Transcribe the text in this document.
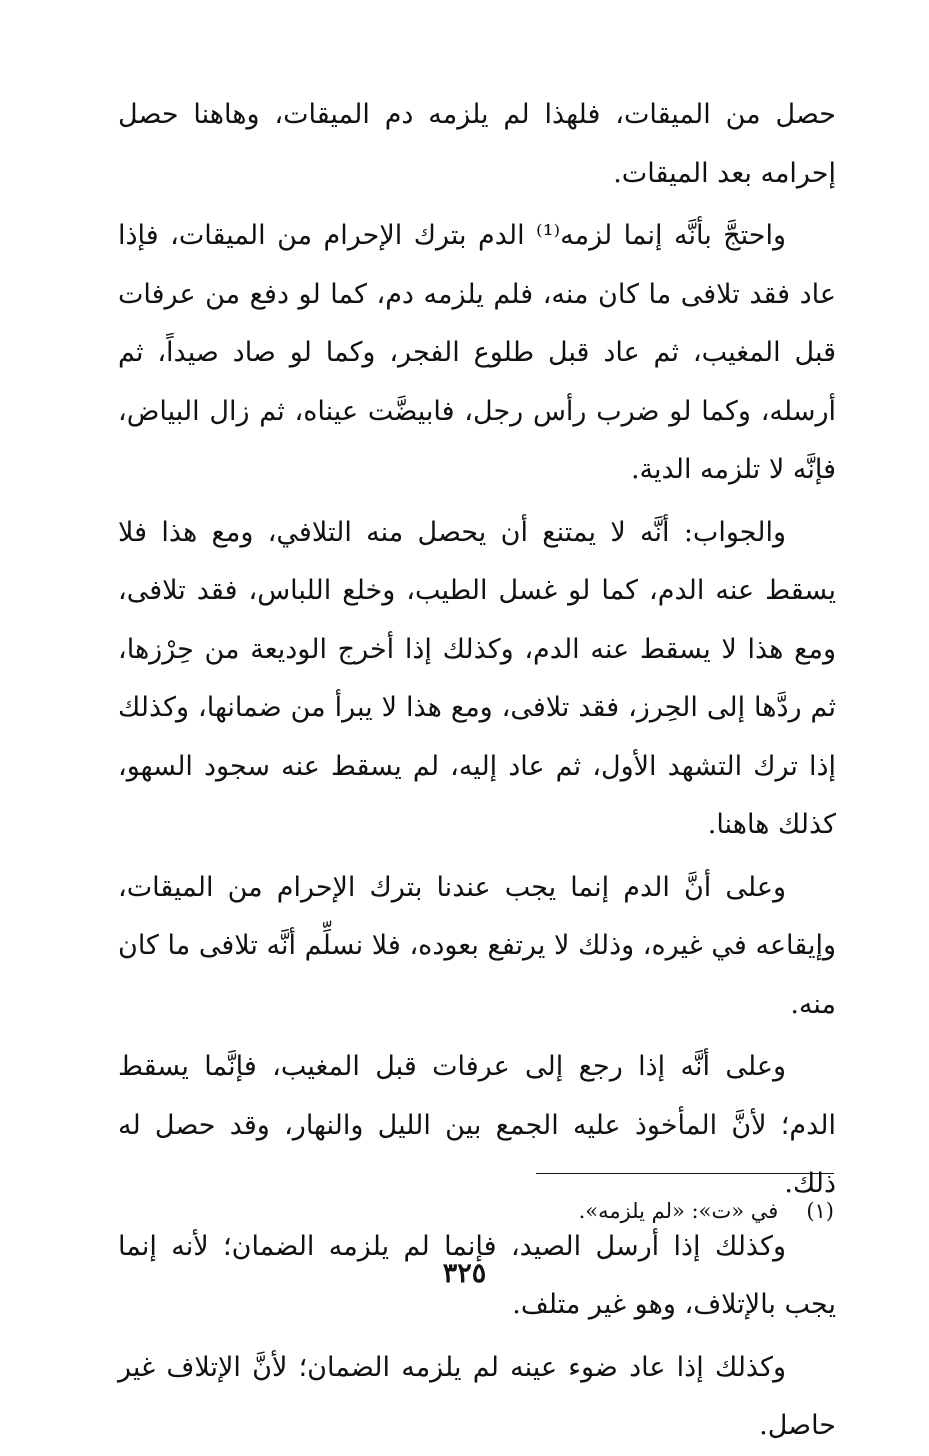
حصل من الميقات، فلهذا لم يلزمه دم الميقات، وهاهنا حصل إحرامه بعد الميقات.

واحتجَّ بأنَّه إنما لزمه⁽¹⁾ الدم بترك الإحرام من الميقات، فإذا عاد فقد تلافى ما كان منه، فلم يلزمه دم، كما لو دفع من عرفات قبل المغيب، ثم عاد قبل طلوع الفجر، وكما لو صاد صيداً، ثم أرسله، وكما لو ضرب رأس رجل، فابيضَّت عيناه، ثم زال البياض، فإنَّه لا تلزمه الدية.

والجواب: أنَّه لا يمتنع أن يحصل منه التلافي، ومع هذا فلا يسقط عنه الدم، كما لو غسل الطيب، وخلع اللباس، فقد تلافى، ومع هذا لا يسقط عنه الدم، وكذلك إذا أخرج الوديعة من حِرْزها، ثم ردَّها إلى الحِرز، فقد تلافى، ومع هذا لا يبرأ من ضمانها، وكذلك إذا ترك التشهد الأول، ثم عاد إليه، لم يسقط عنه سجود السهو، كذلك هاهنا.

وعلى أنَّ الدم إنما يجب عندنا بترك الإحرام من الميقات، وإيقاعه في غيره، وذلك لا يرتفع بعوده، فلا نسلِّم أنَّه تلافى ما كان منه.

وعلى أنَّه إذا رجع إلى عرفات قبل المغيب، فإنَّما يسقط الدم؛ لأنَّ المأخوذ عليه الجمع بين الليل والنهار، وقد حصل له ذلك.

وكذلك إذا أرسل الصيد، فإنما لم يلزمه الضمان؛ لأنه إنما يجب بالإتلاف، وهو غير متلف.

وكذلك إذا عاد ضوء عينه لم يلزمه الضمان؛ لأنَّ الإتلاف غير حاصل.

(١)في «ت»: «لم يلزمه».
٣٢٥
